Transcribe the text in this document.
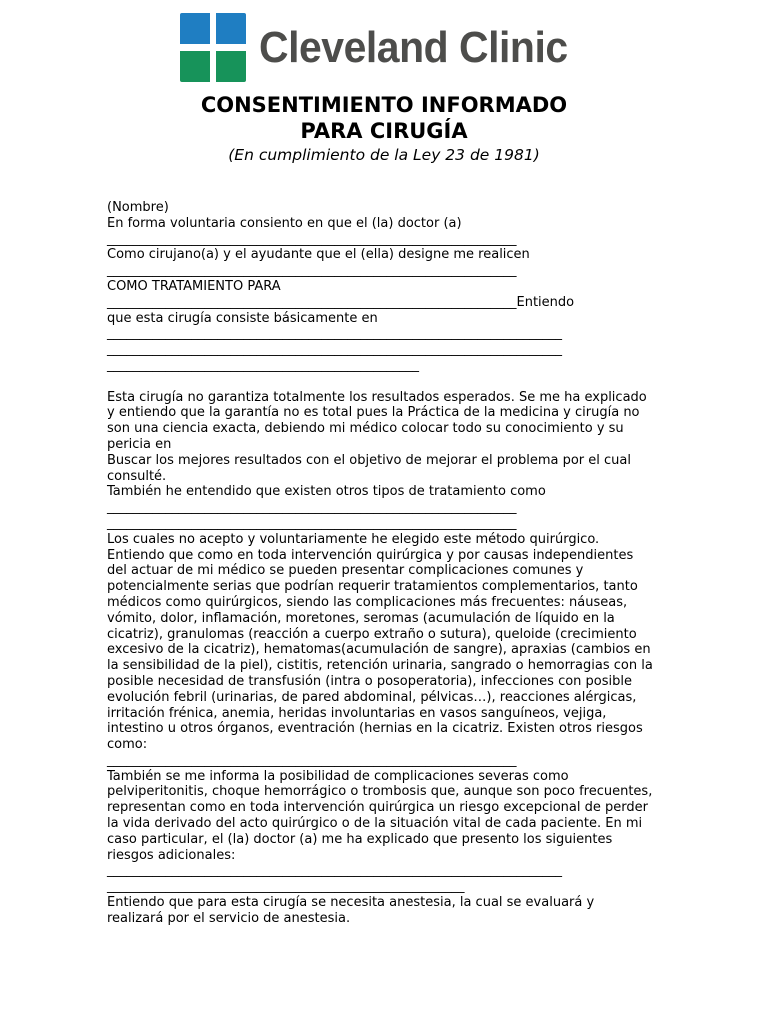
Cleveland Clinic
CONSENTIMIENTO INFORMADO
PARA CIRUGÍA
(En cumplimiento de la Ley 23 de 1981)

(Nombre)

En forma voluntaria consiento en que el (la) doctor (a)

_______________________________________________________________

Como cirujano(a) y el ayudante que el (ella) designe me realicen

_______________________________________________________________

COMO TRATAMIENTO PARA

_______________________________________________________________Entiendo

que esta cirugía consiste básicamente en

______________________________________________________________________

______________________________________________________________________

________________________________________________

Esta cirugía no garantiza totalmente los resultados esperados. Se me ha explicado

y entiendo que la garantía no es total pues la Práctica de la medicina y cirugía no

son una ciencia exacta, debiendo mi médico colocar todo su conocimiento y su

pericia en

Buscar los mejores resultados con el objetivo de mejorar el problema por el cual

consulté.

También he entendido que existen otros tipos de tratamiento como

_______________________________________________________________

_______________________________________________________________

Los cuales no acepto y voluntariamente he elegido este método quirúrgico.

Entiendo que como en toda intervención quirúrgica y por causas independientes

del actuar de mi médico se pueden presentar complicaciones comunes y

potencialmente serias que podrían requerir tratamientos complementarios, tanto

médicos como quirúrgicos, siendo las complicaciones más frecuentes: náuseas,

vómito, dolor, inflamación, moretones, seromas (acumulación de líquido en la

cicatriz), granulomas (reacción a cuerpo extraño o sutura), queloide (crecimiento

excesivo de la cicatriz), hematomas(acumulación de sangre), apraxias (cambios en

la sensibilidad de la piel), cistitis, retención urinaria, sangrado o hemorragias con la

posible necesidad de transfusión (intra o posoperatoria), infecciones con posible

evolución febril (urinarias, de pared abdominal, pélvicas…), reacciones alérgicas,

irritación frénica, anemia, heridas involuntarias en vasos sanguíneos, vejiga,

intestino u otros órganos, eventración (hernias en la cicatriz. Existen otros riesgos

como:

_______________________________________________________________

También se me informa la posibilidad de complicaciones severas como

pelviperitonitis, choque hemorrágico o trombosis que, aunque son poco frecuentes,

representan como en toda intervención quirúrgica un riesgo excepcional de perder

la vida derivado del acto quirúrgico o de la situación vital de cada paciente. En mi

caso particular, el (la) doctor (a) me ha explicado que presento los siguientes

riesgos adicionales:

______________________________________________________________________

_______________________________________________________

Entiendo que para esta cirugía se necesita anestesia, la cual se evaluará y

realizará por el servicio de anestesia.
